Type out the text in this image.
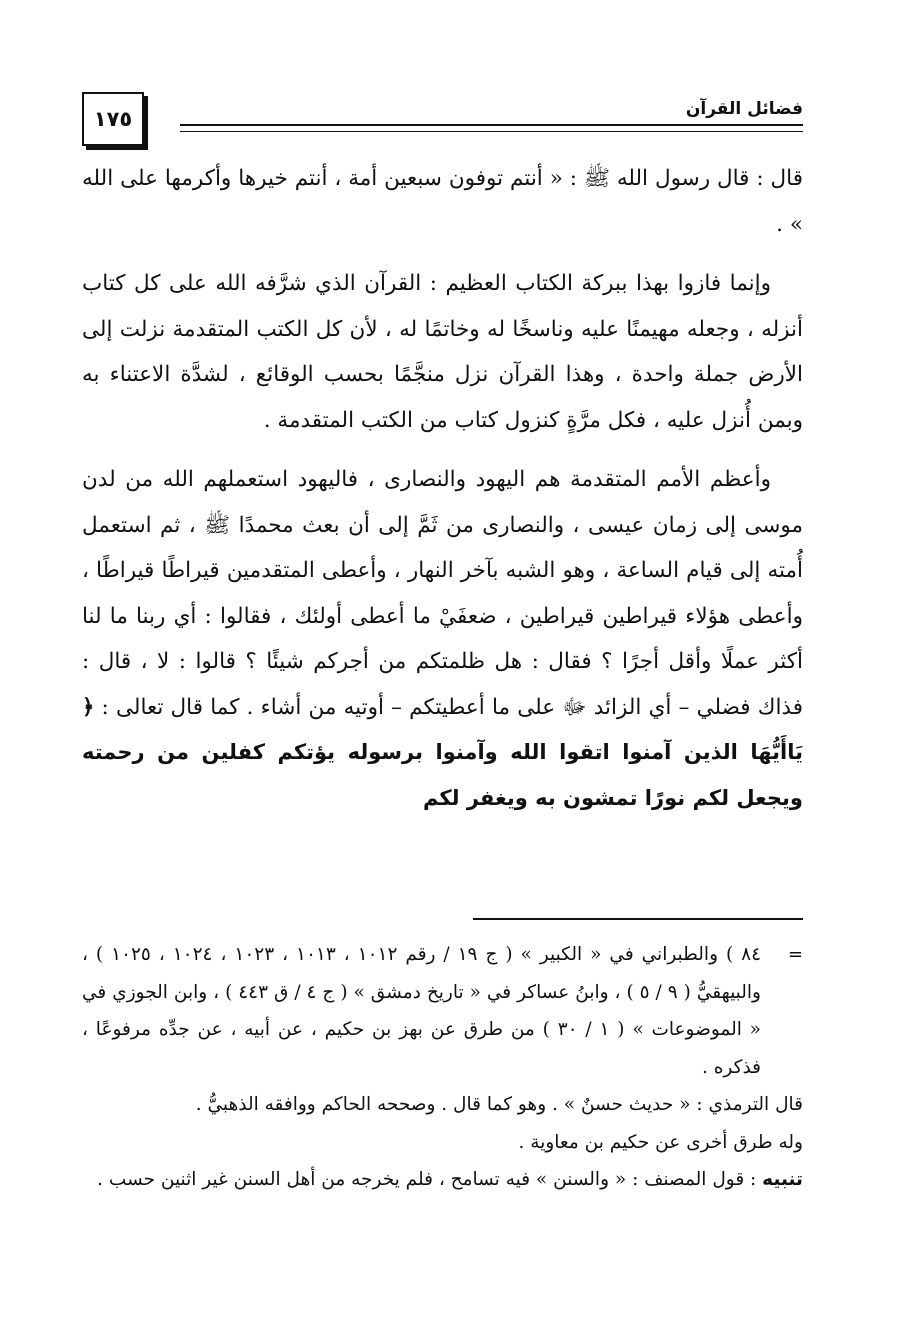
١٧٥	فضائل القرآن

قال : قال رسول الله ﷺ : « أنتم توفون سبعين أمة ، أنتم خيرها وأكرمها على الله » .

وإنما فازوا بهذا ببركة الكتاب العظيم : القرآن الذي شرَّفه الله على كل كتاب أنزله ، وجعله مهيمنًا عليه وناسخًا له وخاتمًا له ، لأن كل الكتب المتقدمة نزلت إلى الأرض جملة واحدة ، وهذا القرآن نزل منجَّمًا بحسب الوقائع ، لشدَّة الاعتناء به وبمن أُنزل عليه ، فكل مرَّةٍ كنزول كتاب من الكتب المتقدمة .

وأعظم الأمم المتقدمة هم اليهود والنصارى ، فاليهود استعملهم الله من لدن موسى إلى زمان عيسى ، والنصارى من ثَمَّ إلى أن بعث محمدًا ﷺ ، ثم استعمل أُمته إلى قيام الساعة ، وهو الشبه بآخر النهار ، وأعطى المتقدمين قيراطًا قيراطًا ، وأعطى هؤلاء قيراطين قيراطين ، ضعفَيْ ما أعطى أولئك ، فقالوا : أي ربنا ما لنا أكثر عملًا وأقل أجرًا ؟ فقال : هل ظلمتكم من أجركم شيئًا ؟ قالوا : لا ، قال : فذاك فضلي – أي الزائد ﷻ على ما أعطيتكم – أوتيه من أشاء . كما قال تعالى : ﴿ يَاأَيُّهَا الذين آمنوا اتقوا الله وآمنوا برسوله يؤتكم كفلين من رحمته ويجعل لكم نورًا تمشون به ويغفر لكم

=

٨٤ ) والطبراني في « الكبير » ( ج ١٩ / رقم ١٠١٢ ، ١٠١٣ ، ١٠٢٣ ، ١٠٢٤ ، ١٠٢٥ ) ، والبيهقيُّ ( ٩ / ٥ ) ، وابنُ عساكر في « تاريخ دمشق » ( ج ٤ / ق ٤٤٣ ) ، وابن الجوزي في « الموضوعات » ( ١ / ٣٠ ) من طرق عن بهز بن حكيم ، عن أبيه ، عن جدِّه مرفوعًا ، فذكره .

قال الترمذي : « حديث حسنٌ » . وهو كما قال . وصححه الحاكم ووافقه الذهبيُّ .

وله طرق أخرى عن حكيم بن معاوية .

تنبيه : قول المصنف : « والسنن » فيه تسامح ، فلم يخرجه من أهل السنن غير اثنين حسب .
